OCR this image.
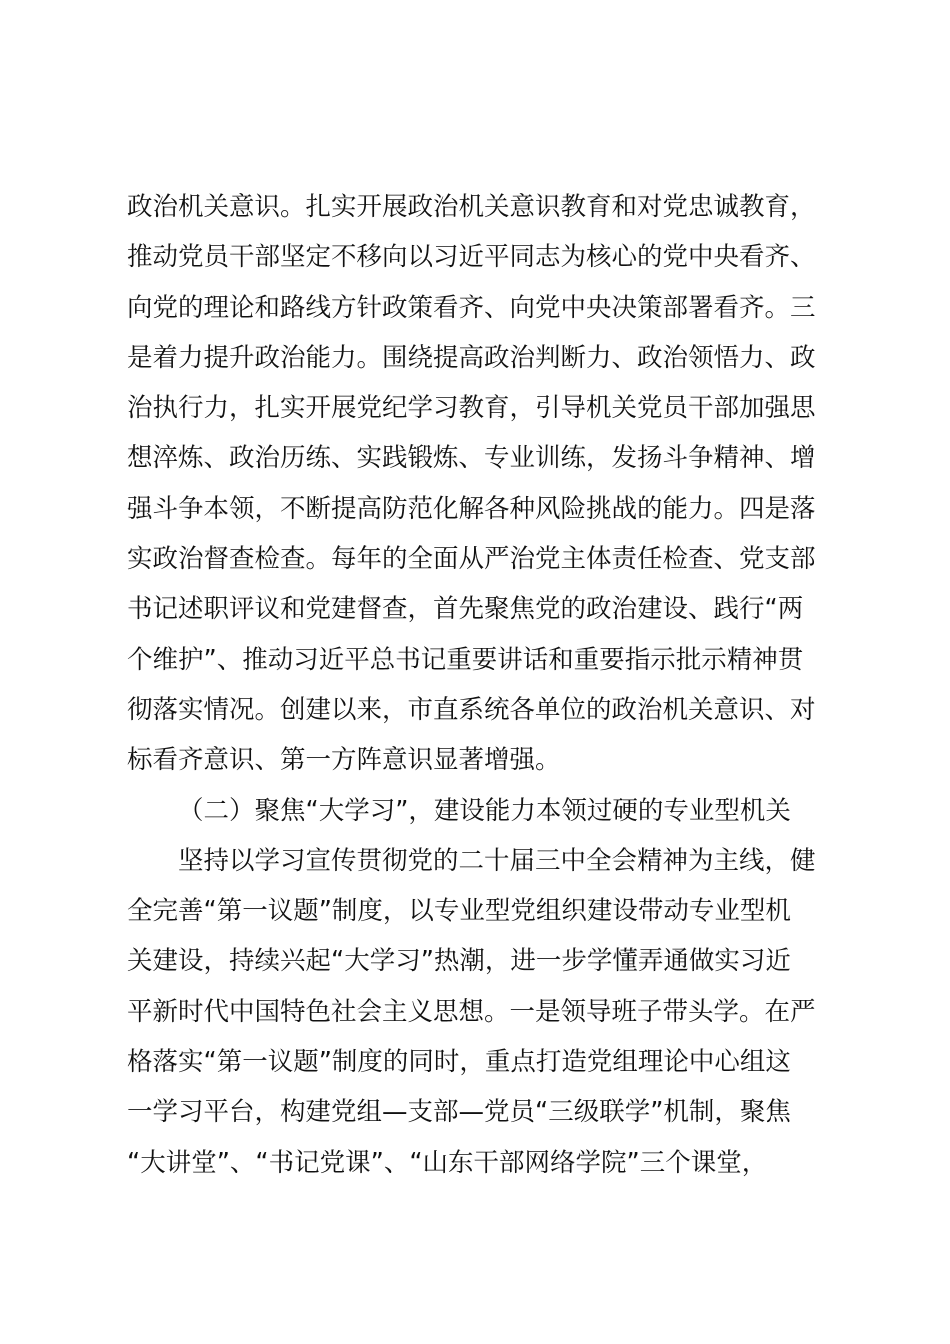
政治机关意识。扎实开展政治机关意识教育和对党忠诚教育，
推动党员干部坚定不移向以习近平同志为核心的党中央看齐、
向党的理论和路线方针政策看齐、向党中央决策部署看齐。三
是着力提升政治能力。围绕提高政治判断力、政治领悟力、政
治执行力，扎实开展党纪学习教育，引导机关党员干部加强思
想淬炼、政治历练、实践锻炼、专业训练，发扬斗争精神、增
强斗争本领，不断提高防范化解各种风险挑战的能力。四是落
实政治督查检查。每年的全面从严治党主体责任检查、党支部
书记述职评议和党建督查，首先聚焦党的政治建设、践行“两
个维护”、推动习近平总书记重要讲话和重要指示批示精神贯
彻落实情况。创建以来，市直系统各单位的政治机关意识、对
标看齐意识、第一方阵意识显著增强。
（二）聚焦“大学习”，建设能力本领过硬的专业型机关
坚持以学习宣传贯彻党的二十届三中全会精神为主线，健
全完善“第一议题”制度，以专业型党组织建设带动专业型机
关建设，持续兴起“大学习”热潮，进一步学懂弄通做实习近
平新时代中国特色社会主义思想。一是领导班子带头学。在严
格落实“第一议题”制度的同时，重点打造党组理论中心组这
一学习平台，构建党组—支部—党员“三级联学”机制，聚焦
“大讲堂”、“书记党课”、“山东干部网络学院”三个课堂，
